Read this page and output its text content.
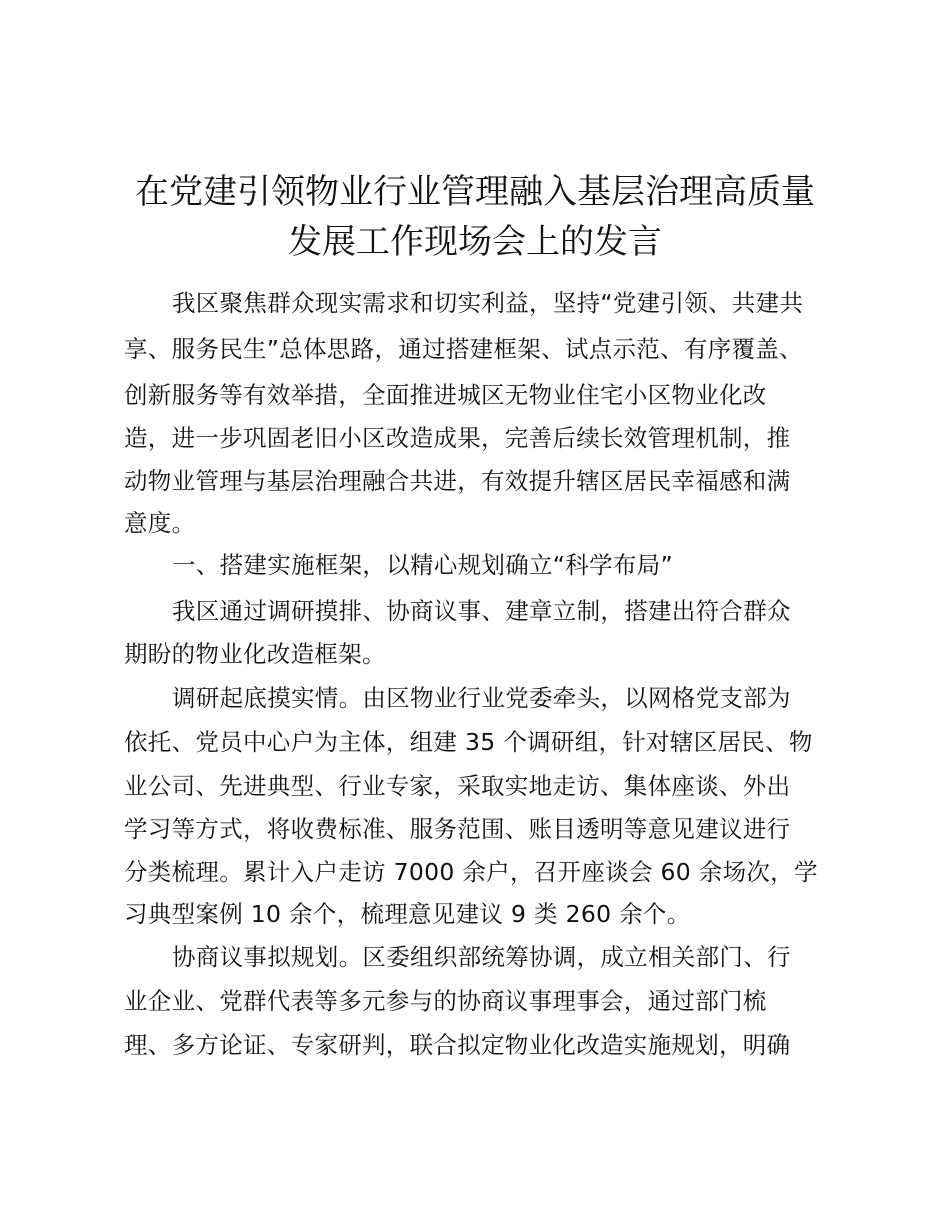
在党建引领物业行业管理融入基层治理高质量
发展工作现场会上的发言
我区聚焦群众现实需求和切实利益，坚持“党建引领、共建共
享、服务民生”总体思路，通过搭建框架、试点示范、有序覆盖、
创新服务等有效举措，全面推进城区无物业住宅小区物业化改
造，进一步巩固老旧小区改造成果，完善后续长效管理机制，推
动物业管理与基层治理融合共进，有效提升辖区居民幸福感和满
意度。
一、搭建实施框架，以精心规划确立“科学布局”
我区通过调研摸排、协商议事、建章立制，搭建出符合群众
期盼的物业化改造框架。
调研起底摸实情。由区物业行业党委牵头，以网格党支部为
依托、党员中心户为主体，组建 35 个调研组，针对辖区居民、物
业公司、先进典型、行业专家，采取实地走访、集体座谈、外出
学习等方式，将收费标准、服务范围、账目透明等意见建议进行
分类梳理。累计入户走访 7000 余户，召开座谈会 60 余场次，学
习典型案例 10 余个，梳理意见建议 9 类 260 余个。
协商议事拟规划。区委组织部统筹协调，成立相关部门、行
业企业、党群代表等多元参与的协商议事理事会，通过部门梳
理、多方论证、专家研判，联合拟定物业化改造实施规划，明确
